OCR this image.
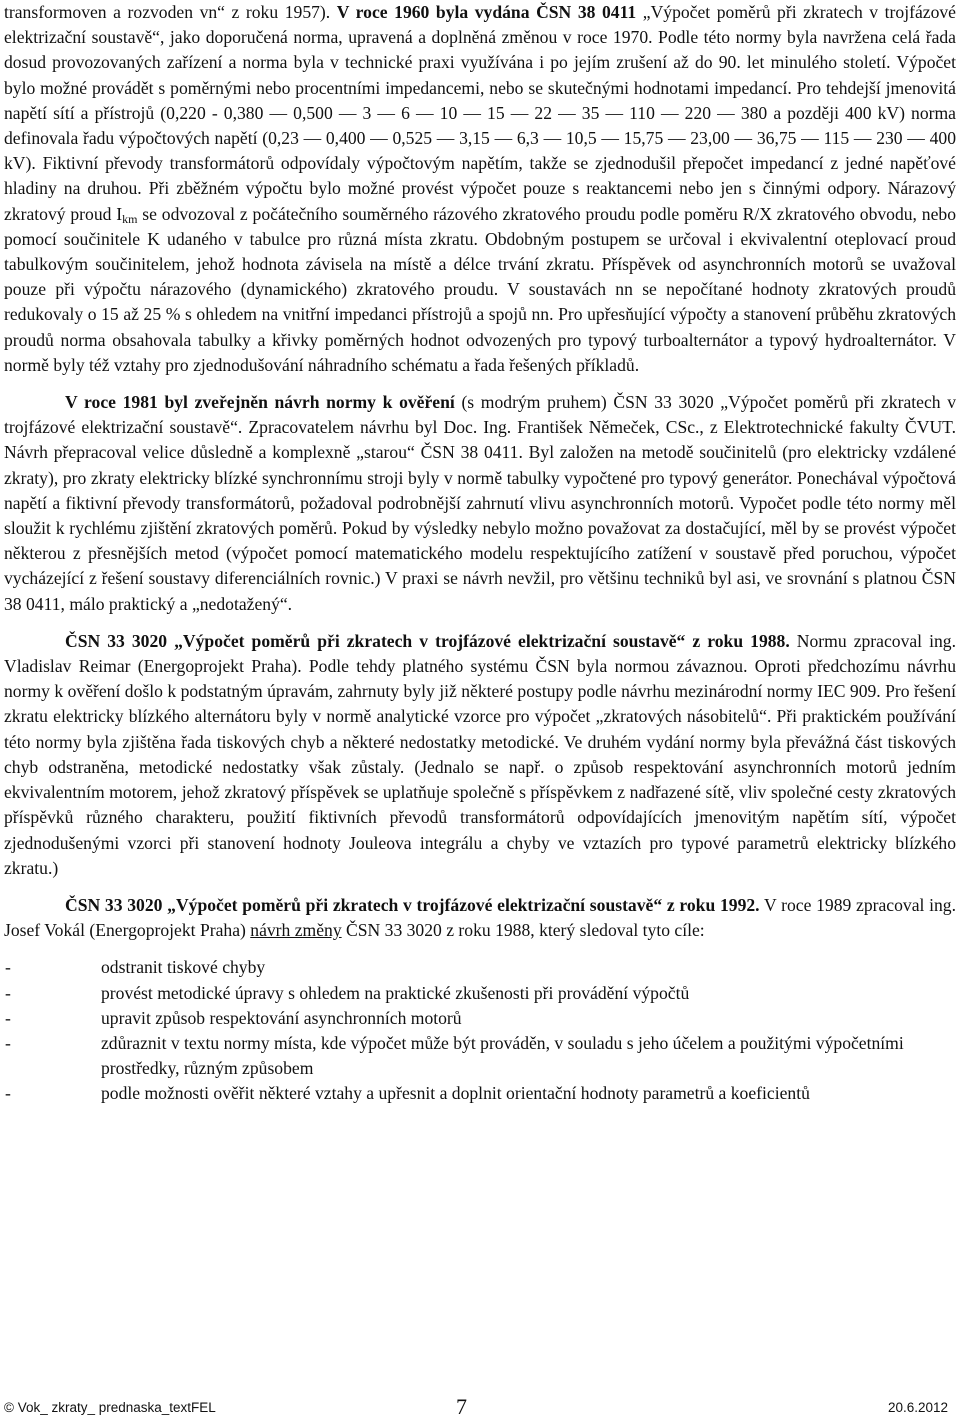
transformoven a rozvoden vn“ z roku 1957). V roce 1960 byla vydána ČSN 38 0411 „Výpočet poměrů při zkratech v trojfázové elektrizační soustavě“, jako doporučená norma, upravená a doplněná změnou v roce 1970. Podle této normy byla navržena celá řada dosud provozovaných zařízení a norma byla v technické praxi využívána i po jejím zrušení až do 90. let minulého století. Výpočet bylo možné provádět s poměrnými nebo procentními impedancemi, nebo se skutečnými hodnotami impedancí. Pro tehdejší jmenovitá napětí sítí a přístrojů (0,220 - 0,380 ― 0,500 ― 3 ― 6 ― 10 ― 15 ― 22 ― 35 ― 110 ― 220 ― 380 a později 400 kV) norma definovala řadu výpočtových napětí (0,23 ― 0,400 ― 0,525 ― 3,15 ― 6,3 ― 10,5 ― 15,75 ― 23,00 ― 36,75 ― 115 ― 230 ― 400 kV). Fiktivní převody transformátorů odpovídaly výpočtovým napětím, takže se zjednodušil přepočet impedancí z jedné napěťové hladiny na druhou. Při zběžném výpočtu bylo možné provést výpočet pouze s reaktancemi nebo jen s činnými odpory. Nárazový zkratový proud $I_{km}$ se odvozoval z počátečního souměrného rázového zkratového proudu podle poměru R/X zkratového obvodu, nebo pomocí součinitele K udaného v tabulce pro různá místa zkratu. Obdobným postupem se určoval i ekvivalentní oteplovací proud tabulkovým součinitelem, jehož hodnota závisela na místě a délce trvání zkratu. Příspěvek od asynchronních motorů se uvažoval pouze při výpočtu nárazového (dynamického) zkratového proudu. V soustavách nn se nepočítané hodnoty zkratových proudů redukovaly o 15 až 25 % s ohledem na vnitřní impedanci přístrojů a spojů nn. Pro upřesňující výpočty a stanovení průběhu zkratových proudů norma obsahovala tabulky a křivky poměrných hodnot odvozených pro typový turboalternátor a typový hydroalternátor. V normě byly též vztahy pro zjednodušování náhradního schématu a řada řešených příkladů.

V roce 1981 byl zveřejněn návrh normy k ověření (s modrým pruhem) ČSN 33 3020 „Výpočet poměrů při zkratech v trojfázové elektrizační soustavě“. Zpracovatelem návrhu byl Doc. Ing. František Němeček, CSc., z Elektrotechnické fakulty ČVUT. Návrh přepracoval velice důsledně a komplexně „starou“ ČSN 38 0411. Byl založen na metodě součinitelů (pro elektricky vzdálené zkraty), pro zkraty elektricky blízké synchronnímu stroji byly v normě tabulky vypočtené pro typový generátor. Ponechával výpočtová napětí a fiktivní převody transformátorů, požadoval podrobnější zahrnutí vlivu asynchronních motorů. Vypočet podle této normy měl sloužit k rychlému zjištění zkratových poměrů. Pokud by výsledky nebylo možno považovat za dostačující, měl by se provést výpočet některou z přesnějších metod (výpočet pomocí matematického modelu respektujícího zatížení v soustavě před poruchou, výpočet vycházející z řešení soustavy diferenciálních rovnic.) V praxi se návrh nevžil, pro většinu techniků byl asi, ve srovnání s platnou ČSN 38 0411, málo praktický a „nedotažený“.

ČSN 33 3020 „Výpočet poměrů při zkratech v trojfázové elektrizační soustavě“ z roku 1988. Normu zpracoval ing. Vladislav Reimar (Energoprojekt Praha). Podle tehdy platného systému ČSN byla normou závaznou. Oproti předchozímu návrhu normy k ověření došlo k podstatným úpravám, zahrnuty byly již některé postupy podle návrhu mezinárodní normy IEC 909. Pro řešení zkratu elektricky blízkého alternátoru byly v normě analytické vzorce pro výpočet „zkratových násobitelů“. Při praktickém používání této normy byla zjištěna řada tiskových chyb a některé nedostatky metodické. Ve druhém vydání normy byla převážná část tiskových chyb odstraněna, metodické nedostatky však zůstaly. (Jednalo se např. o způsob respektování asynchronních motorů jedním ekvivalentním motorem, jehož zkratový příspěvek se uplatňuje společně s příspěvkem z nadřazené sítě, vliv společné cesty zkratových příspěvků různého charakteru, použití fiktivních převodů transformátorů odpovídajících jmenovitým napětím sítí, výpočet zjednodušenými vzorci při stanovení hodnoty Jouleova integrálu a chyby ve vztazích pro typové parametrů elektricky blízkého zkratu.)

ČSN 33 3020 „Výpočet poměrů při zkratech v trojfázové elektrizační soustavě“ z roku 1992. V roce 1989 zpracoval ing. Josef Vokál (Energoprojekt Praha) návrh změny ČSN 33 3020 z roku 1988, který sledoval tyto cíle:

-	odstranit tiskové chyby
-	provést metodické úpravy s ohledem na praktické zkušenosti při provádění výpočtů
-	upravit způsob respektování asynchronních motorů
-	zdůraznit v textu normy místa, kde výpočet může být prováděn, v souladu s jeho účelem a použitými výpočetními prostředky, různým způsobem
-	podle možnosti ověřit některé vztahy a upřesnit a doplnit orientační hodnoty parametrů a koeficientů
© Vok_ zkraty_ prednaska_textFEL	7	20.6.2012
